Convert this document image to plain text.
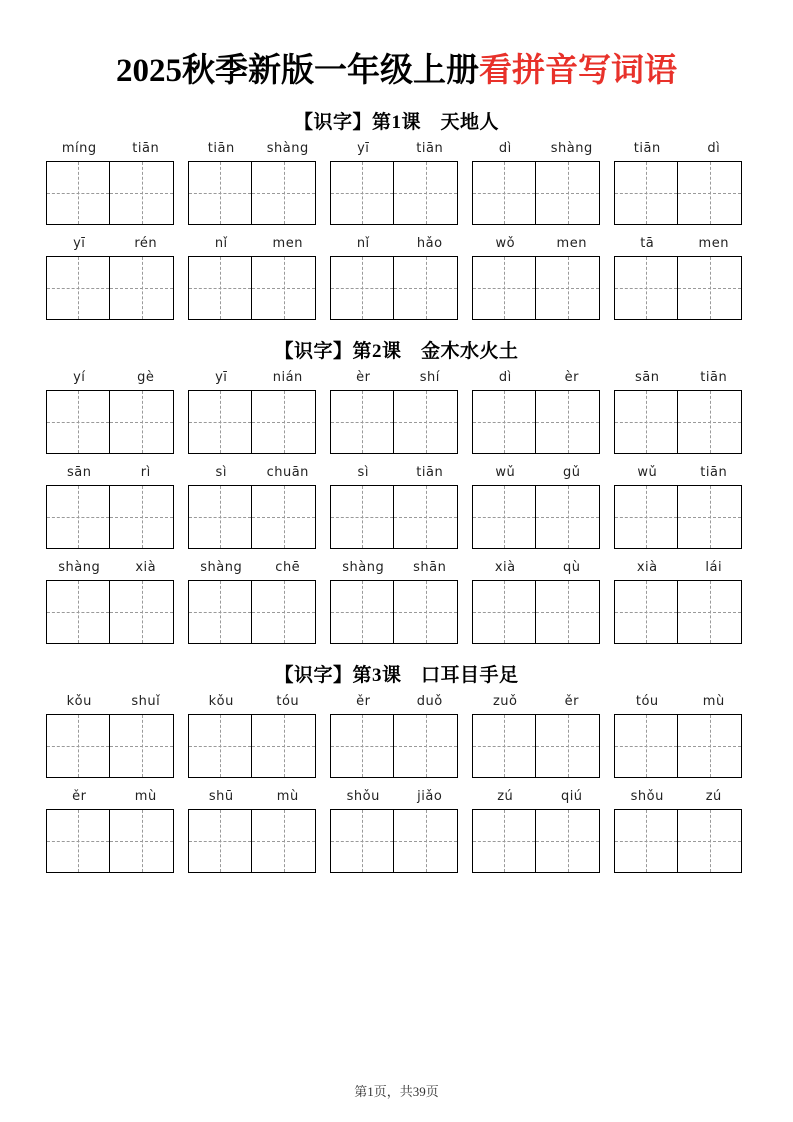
2025秋季新版一年级上册看拼音写词语
【识字】第1课　天地人
míng	tiān	tiān	shàng	yī	tiān	dì	shàng	tiān	dì
yī	rén	nǐ	men	nǐ	hǎo	wǒ	men	tā	men
【识字】第2课　金木水火土
yí	gè	yī	nián	èr	shí	dì	èr	sān	tiān
sān	rì	sì	chuān	sì	tiān	wǔ	gǔ	wǔ	tiān
shàng	xià	shàng	chē	shàng	shān	xià	qù	xià	lái
【识字】第3课　口耳目手足
kǒu	shuǐ	kǒu	tóu	ěr	duǒ	zuǒ	ěr	tóu	mù
ěr	mù	shū	mù	shǒu	jiǎo	zú	qiú	shǒu	zú
第1页，共39页
